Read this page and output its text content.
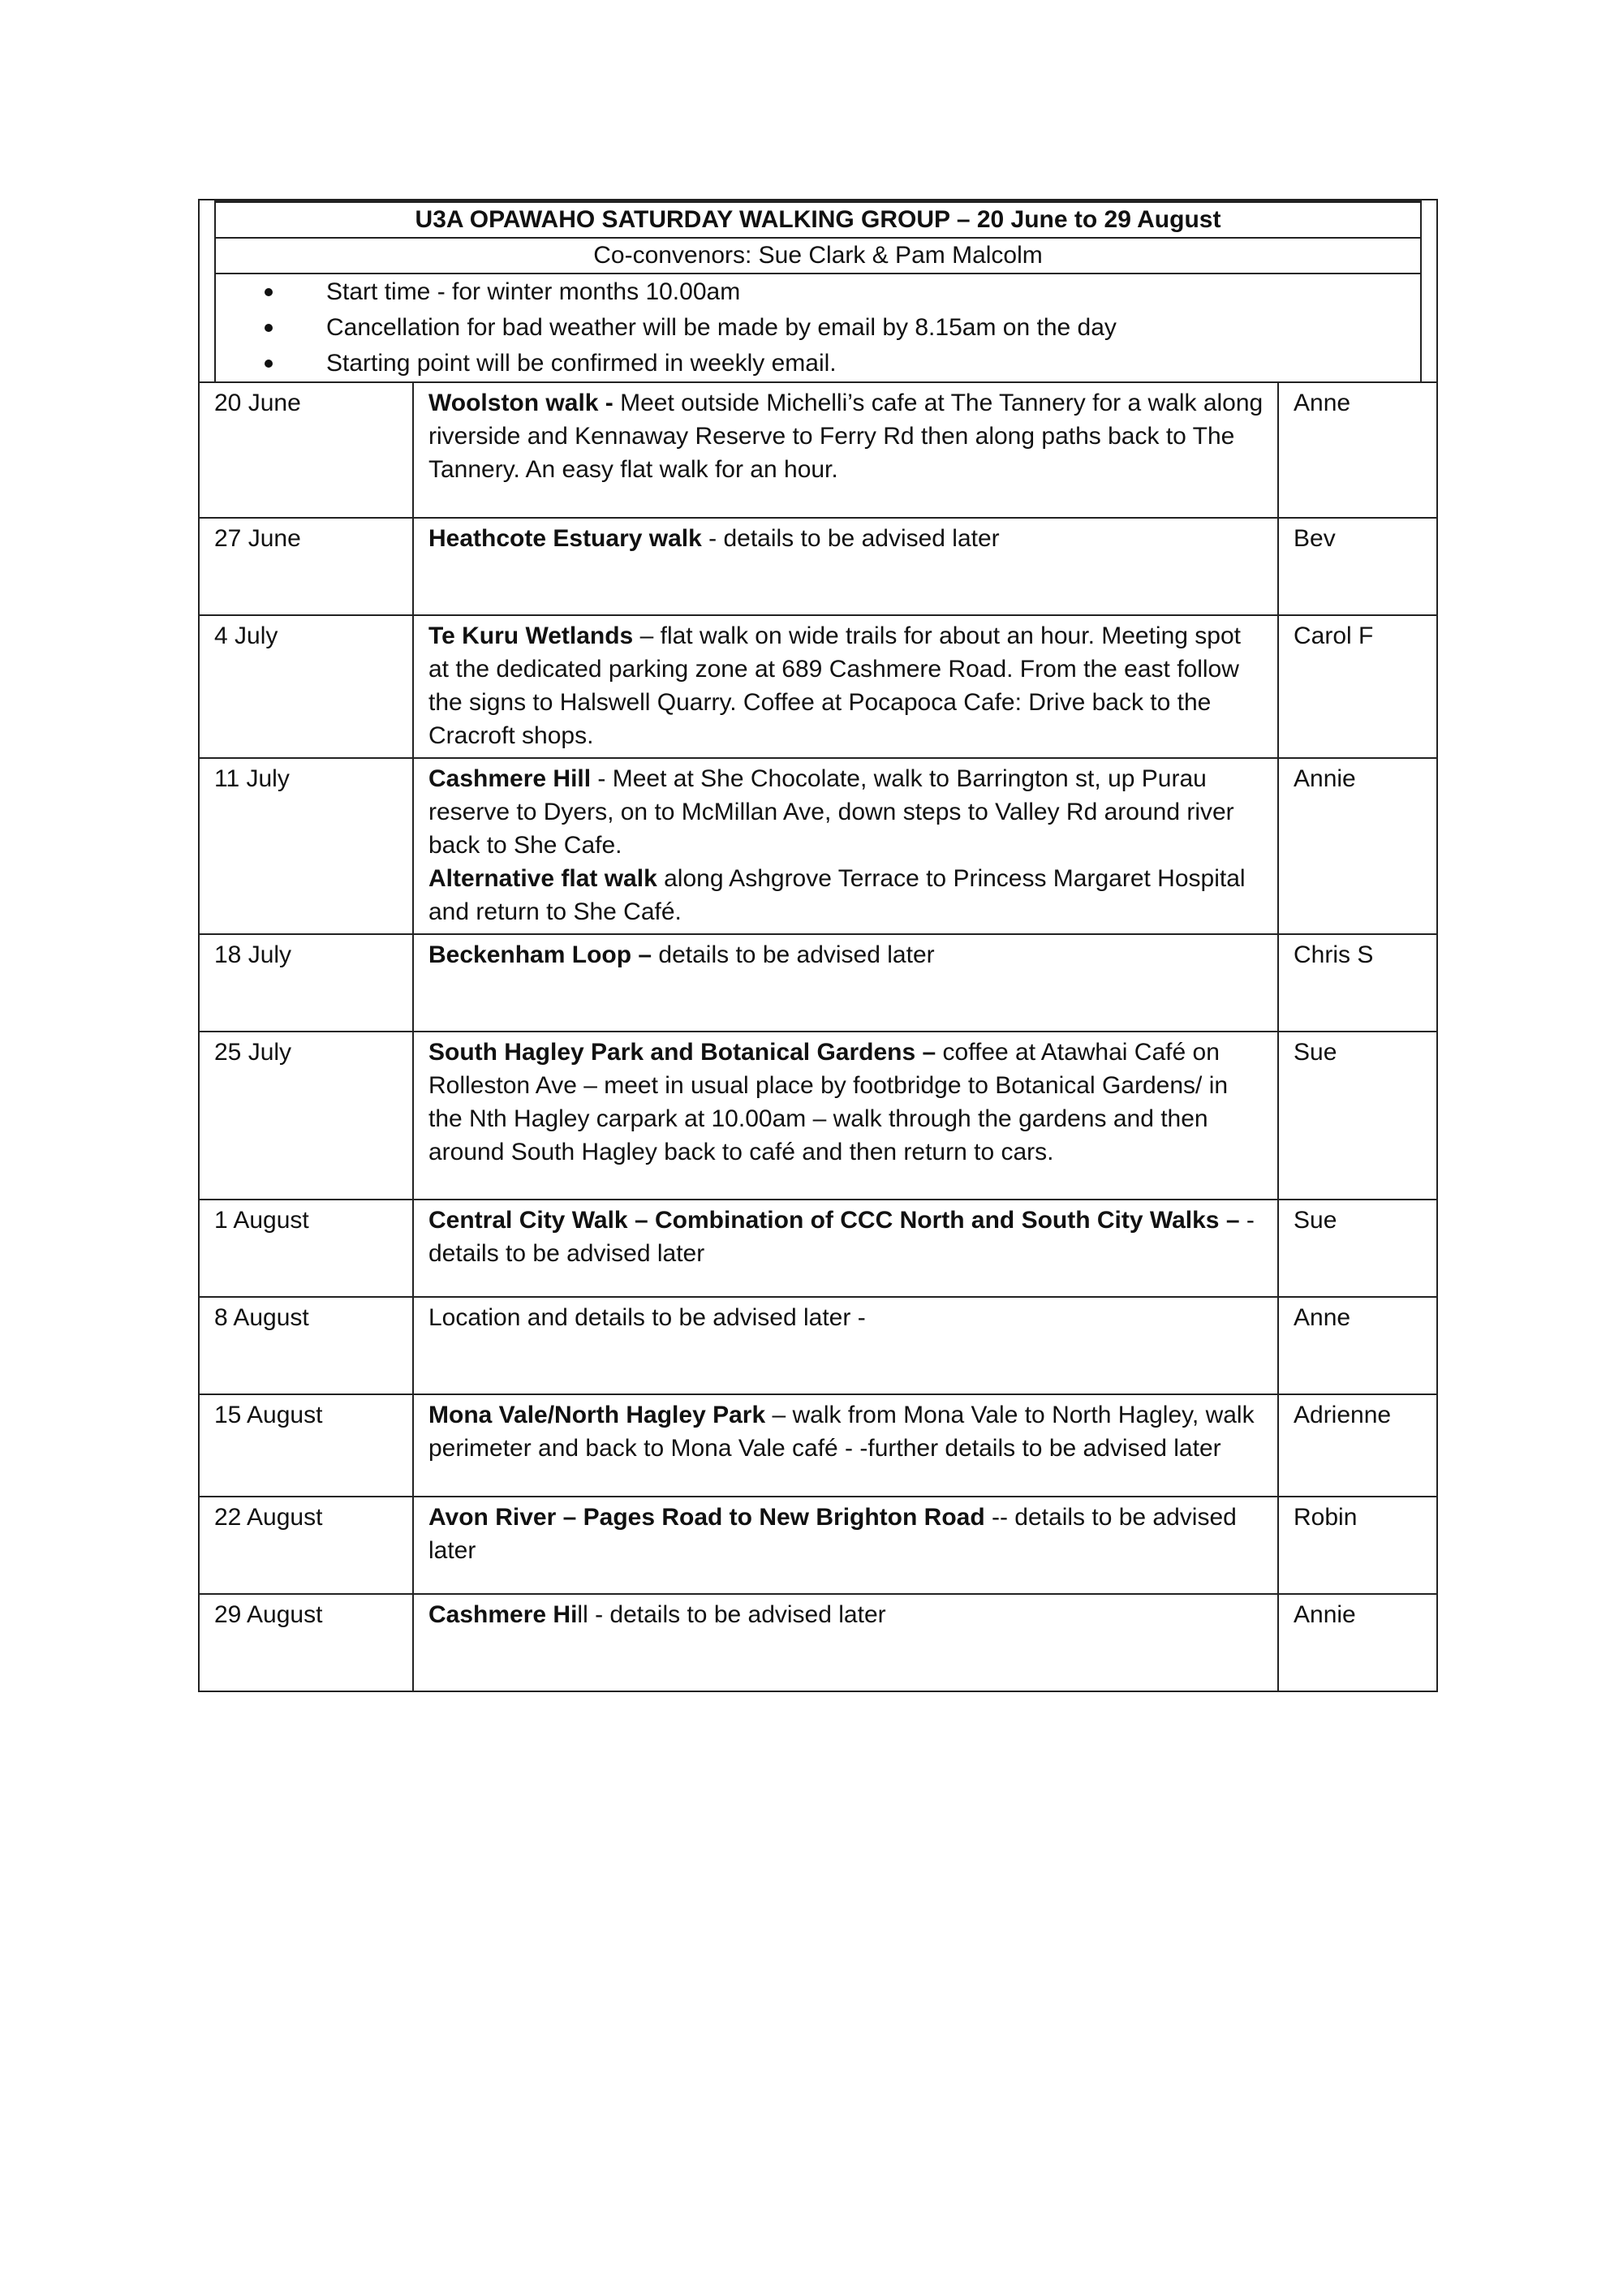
U3A OPAWAHO SATURDAY WALKING GROUP – 20 June to 29 August
Co-convenors: Sue Clark & Pam Malcolm
Start time - for winter months 10.00am
Cancellation for bad weather will be made by email by 8.15am on the day
Starting point will be confirmed in weekly email.
20 June	Woolston walk - Meet outside Michelli’s cafe at The Tannery for a walk along riverside and Kennaway Reserve to Ferry Rd then along paths back to The Tannery. An easy flat walk for an hour.	Anne
27 June	Heathcote Estuary walk - details to be advised later	Bev
4 July	Te Kuru Wetlands – flat walk on wide trails for about an hour. Meeting spot at the dedicated parking zone at 689 Cashmere Road. From the east follow the signs to Halswell Quarry. Coffee at Pocapoca Cafe: Drive back to the Cracroft shops.	Carol F
11 July	Cashmere Hill - Meet at She Chocolate, walk to Barrington st, up Purau reserve to Dyers, on to McMillan Ave, down steps to Valley Rd around river back to She Cafe.
Alternative flat walk along Ashgrove Terrace to Princess Margaret Hospital and return to She Café.	Annie
18 July	Beckenham Loop – details to be advised later	Chris S
25 July	South Hagley Park and Botanical Gardens – coffee at Atawhai Café on Rolleston Ave – meet in usual place by footbridge to Botanical Gardens/ in the Nth Hagley carpark at 10.00am – walk through the gardens and then around South Hagley back to café and then return to cars.	Sue
1 August	Central City Walk – Combination of CCC North and South City Walks – - details to be advised later	Sue
8 August	Location and details to be advised later -	Anne
15 August	Mona Vale/North Hagley Park – walk from Mona Vale to North Hagley, walk perimeter and back to Mona Vale café - -further details to be advised later	Adrienne
22 August	Avon River – Pages Road to New Brighton Road -- details to be advised later	Robin
29 August	Cashmere Hill - details to be advised later	Annie
